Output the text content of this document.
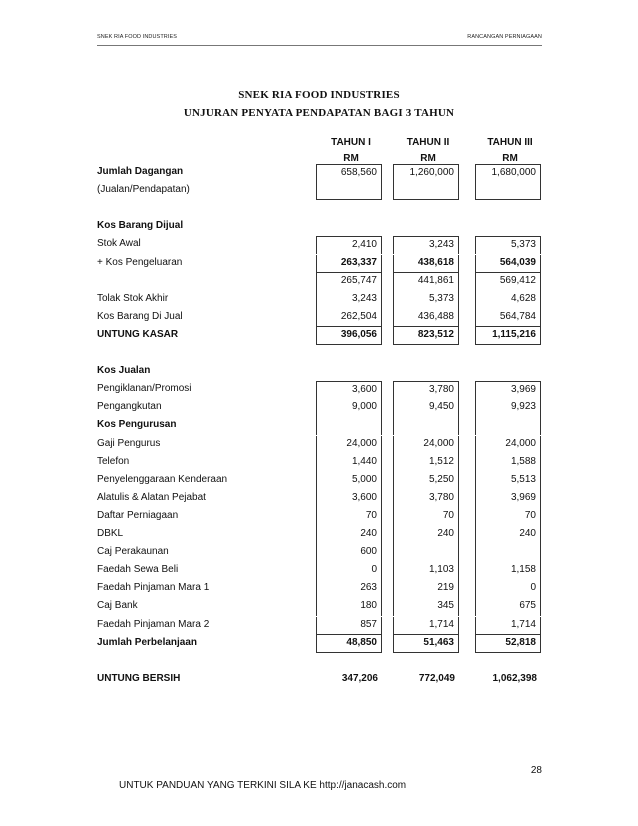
SNEK RIA FOOD INDUSTRIES	RANCANGAN PERNIAGAAN
SNEK RIA FOOD INDUSTRIES
UNJURAN PENYATA PENDAPATAN BAGI 3 TAHUN
TAHUN I	TAHUN II	TAHUN III
RM	RM	RM
Jumlah Dagangan	658,560	1,260,000	1,680,000
(Jualan/Pendapatan)
Kos Barang Dijual
Stok Awal	2,410	3,243	5,373
+ Kos Pengeluaran	263,337	438,618	564,039
265,747	441,861	569,412
Tolak Stok Akhir	3,243	5,373	4,628
Kos Barang Di Jual	262,504	436,488	564,784
UNTUNG KASAR	396,056	823,512	1,115,216
Kos Jualan
Pengiklanan/Promosi	3,600	3,780	3,969
Pengangkutan	9,000	9,450	9,923
Kos Pengurusan
Gaji Pengurus	24,000	24,000	24,000
Telefon	1,440	1,512	1,588
Penyelenggaraan Kenderaan	5,000	5,250	5,513
Alatulis & Alatan Pejabat	3,600	3,780	3,969
Daftar Perniagaan	70	70	70
DBKL	240	240	240
Caj Perakaunan	600
Faedah Sewa Beli	0	1,103	1,158
Faedah Pinjaman Mara 1	263	219	0
Caj Bank	180	345	675
Faedah Pinjaman Mara 2	857	1,714	1,714
Jumlah Perbelanjaan	48,850	51,463	52,818
UNTUNG BERSIH	347,206	772,049	1,062,398
28
UNTUK PANDUAN YANG TERKINI SILA KE http://janacash.com
